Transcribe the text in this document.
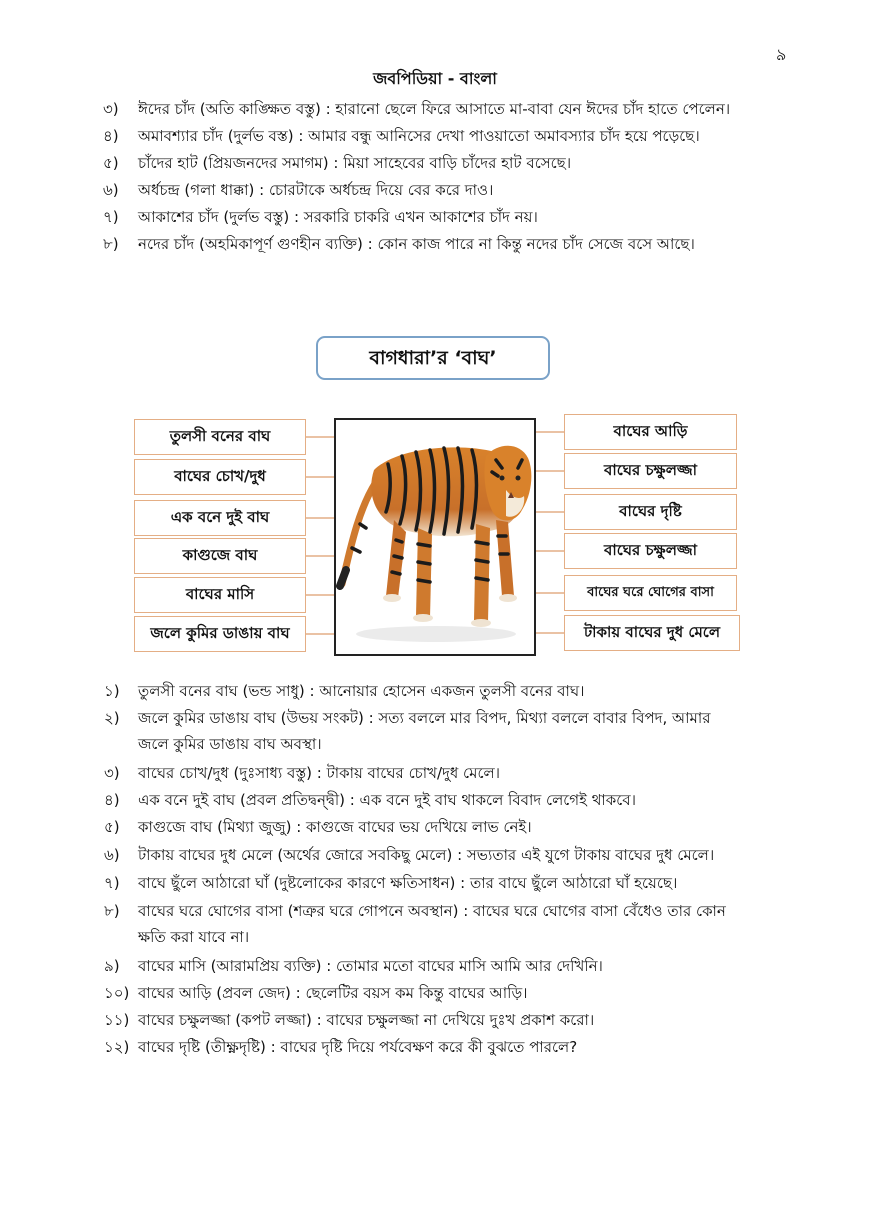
৯
জবপিডিয়া - বাংলা
৩) ঈদের চাঁদ (অতি কাঙ্ক্ষিত বস্তু) : হারানো ছেলে ফিরে আসাতে মা-বাবা যেন ঈদের চাঁদ হাতে পেলেন।
৪) অমাবশ্যার চাঁদ (দুর্লভ বস্ত) : আমার বন্ধু আনিসের দেখা পাওয়াতো অমাবস্যার চাঁদ হয়ে পড়েছে।
৫) চাঁদের হাট (প্রিয়জনদের সমাগম) : মিয়া সাহেবের বাড়ি চাঁদের হাট বসেছে।
৬) অর্ধচন্দ্র (গলা ধাক্কা) : চোরটাকে অর্ধচন্দ্র দিয়ে বের করে দাও।
৭) আকাশের চাঁদ (দুর্লভ বস্তু) : সরকারি চাকরি এখন আকাশের চাঁদ নয়।
৮) নদের চাঁদ (অহমিকাপূর্ণ গুণহীন ব্যক্তি) : কোন কাজ পারে না কিন্তু নদের চাঁদ সেজে বসে আছে।
বাগধারা’র ‘বাঘ’
তুলসী বনের বাঘ
বাঘের চোখ/দুধ
এক বনে দুই বাঘ
কাগুজে বাঘ
বাঘের মাসি
জলে কুমির ডাঙায় বাঘ
বাঘের আড়ি
বাঘের চক্ষুলজ্জা
বাঘের দৃষ্টি
বাঘের চক্ষুলজ্জা
বাঘের ঘরে ঘোগের বাসা
টাকায় বাঘের দুধ মেলে
১) তুলসী বনের বাঘ (ভন্ড সাধু) : আনোয়ার হোসেন একজন তুলসী বনের বাঘ।
২) জলে কুমির ডাঙায় বাঘ (উভয় সংকট) : সত্য বললে মার বিপদ, মিথ্যা বললে বাবার বিপদ, আমার
জলে কুমির ডাঙায় বাঘ অবস্থা।
৩) বাঘের চোখ/দুধ (দুঃসাধ্য বস্তু) : টাকায় বাঘের চোখ/দুধ মেলে।
৪) এক বনে দুই বাঘ (প্রবল প্রতিদ্বন্দ্বী) : এক বনে দুই বাঘ থাকলে বিবাদ লেগেই থাকবে।
৫) কাগুজে বাঘ (মিথ্যা জুজু) : কাগুজে বাঘের ভয় দেখিয়ে লাভ নেই।
৬) টাকায় বাঘের দুধ মেলে (অর্থের জোরে সবকিছু মেলে) : সভ্যতার এই যুগে টাকায় বাঘের দুধ মেলে।
৭) বাঘে ছুঁলে আঠারো ঘাঁ (দুষ্টলোকের কারণে ক্ষতিসাধন) : তার বাঘে ছুঁলে আঠারো ঘাঁ হয়েছে।
৮) বাঘের ঘরে ঘোগের বাসা (শত্রুর ঘরে গোপনে অবস্থান) : বাঘের ঘরে ঘোগের বাসা বেঁধেও তার কোন
ক্ষতি করা যাবে না।
৯) বাঘের মাসি (আরামপ্রিয় ব্যক্তি) : তোমার মতো বাঘের মাসি আমি আর দেখিনি।
১০) বাঘের আড়ি (প্রবল জেদ) : ছেলেটির বয়স কম কিন্তু বাঘের আড়ি।
১১) বাঘের চক্ষুলজ্জা (কপট লজ্জা) : বাঘের চক্ষুলজ্জা না দেখিয়ে দুঃখ প্রকাশ করো।
১২) বাঘের দৃষ্টি (তীক্ষ্ণদৃষ্টি) : বাঘের দৃষ্টি দিয়ে পর্যবেক্ষণ করে কী বুঝতে পারলে?
